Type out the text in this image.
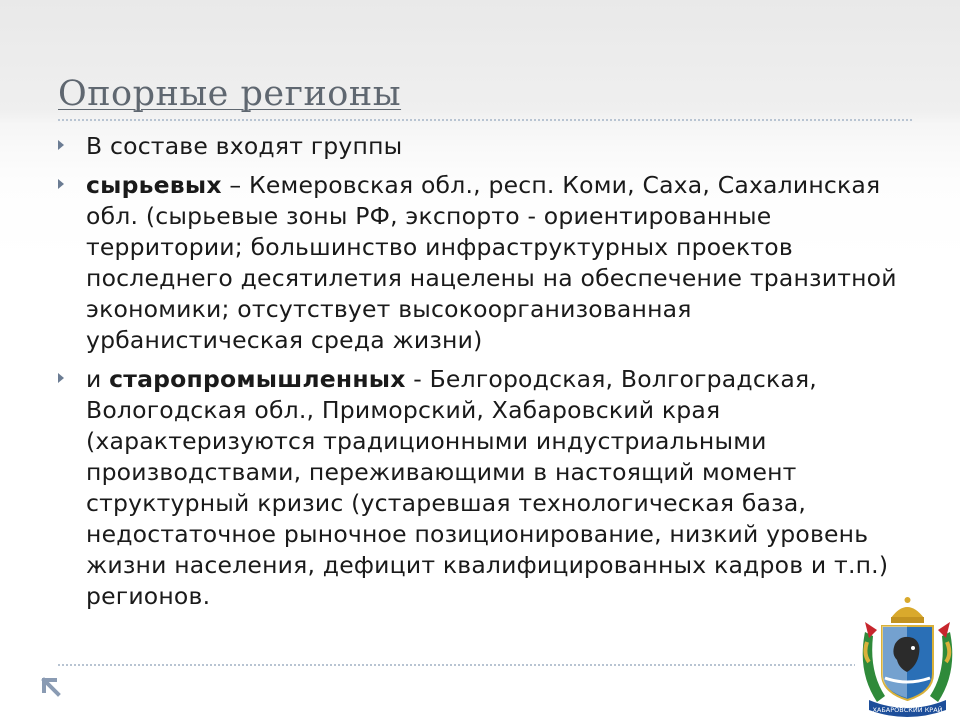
Опорные регионы
В составе входят группы
сырьевых – Кемеровская обл., респ. Коми, Саха, Сахалинская обл. (сырьевые зоны РФ, экспорто - ориентированные территории; большинство инфраструктурных проектов последнего десятилетия нацелены на обеспечение транзитной экономики; отсутствует высокоорганизованная урбанистическая среда жизни)
и старопромышленных - Белгородская, Волгоградская, Вологодская обл., Приморский, Хабаровский края (характеризуются традиционными индустриальными производствами, переживающими в настоящий момент структурный кризис (устаревшая технологическая база, недостаточное рыночное позиционирование, низкий уровень жизни населения, дефицит квалифицированных кадров и т.п.) регионов.
ХАБАРОВСКИЙ КРАЙ
